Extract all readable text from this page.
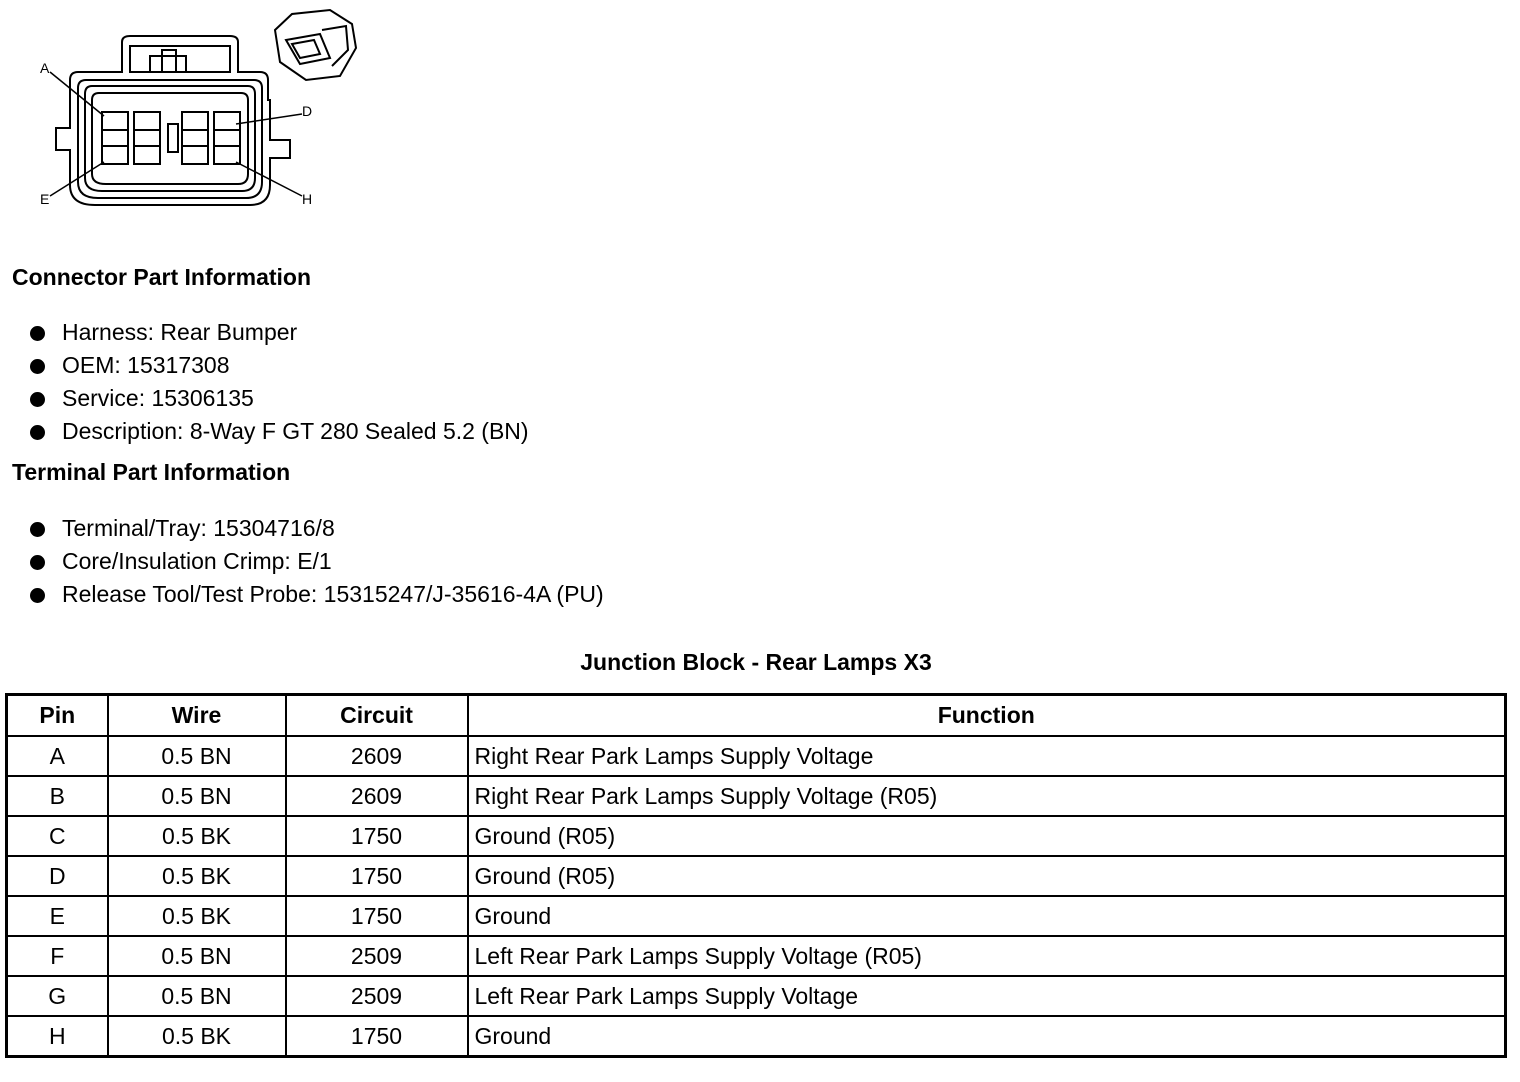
A
D
E	H
Connector Part Information
Harness: Rear Bumper
OEM: 15317308
Service: 15306135
Description: 8-Way F GT 280 Sealed 5.2 (BN)
Terminal Part Information
Terminal/Tray: 15304716/8
Core/Insulation Crimp: E/1
Release Tool/Test Probe: 15315247/J-35616-4A (PU)
Junction Block - Rear Lamps X3
Pin	Wire	Circuit	Function
A	0.5 BN	2609	Right Rear Park Lamps Supply Voltage
B	0.5 BN	2609	Right Rear Park Lamps Supply Voltage (R05)
C	0.5 BK	1750	Ground (R05)
D	0.5 BK	1750	Ground (R05)
E	0.5 BK	1750	Ground
F	0.5 BN	2509	Left Rear Park Lamps Supply Voltage (R05)
G	0.5 BN	2509	Left Rear Park Lamps Supply Voltage
H	0.5 BK	1750	Ground
